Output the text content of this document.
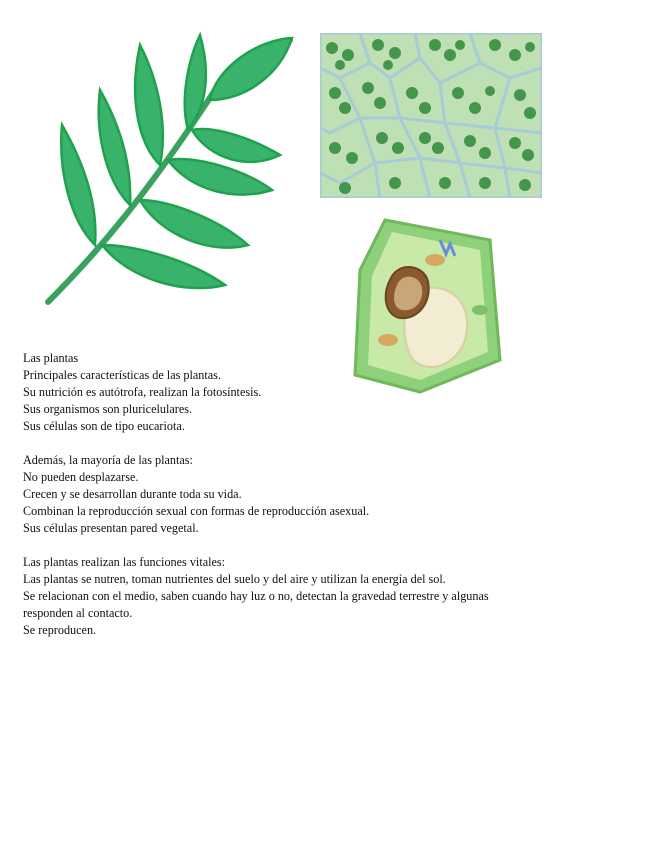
Las plantas

Principales características de las plantas.

Su nutrición es autótrofa, realizan la fotosíntesis.

Sus organismos son pluricelulares.

Sus células son de tipo eucariota.

Además, la mayoría de las plantas:

No pueden desplazarse.

Crecen y se desarrollan durante toda su vida.

Combinan la reproducción sexual con formas de reproducción asexual.

Sus células presentan pared vegetal.

Las plantas realizan las funciones vitales:

Las plantas se nutren, toman nutrientes del suelo y del aire y utilizan la energía del sol.

Se relacionan con el medio, saben cuando hay luz o no, detectan la gravedad terrestre y algunas

responden al contacto.

Se reproducen.
